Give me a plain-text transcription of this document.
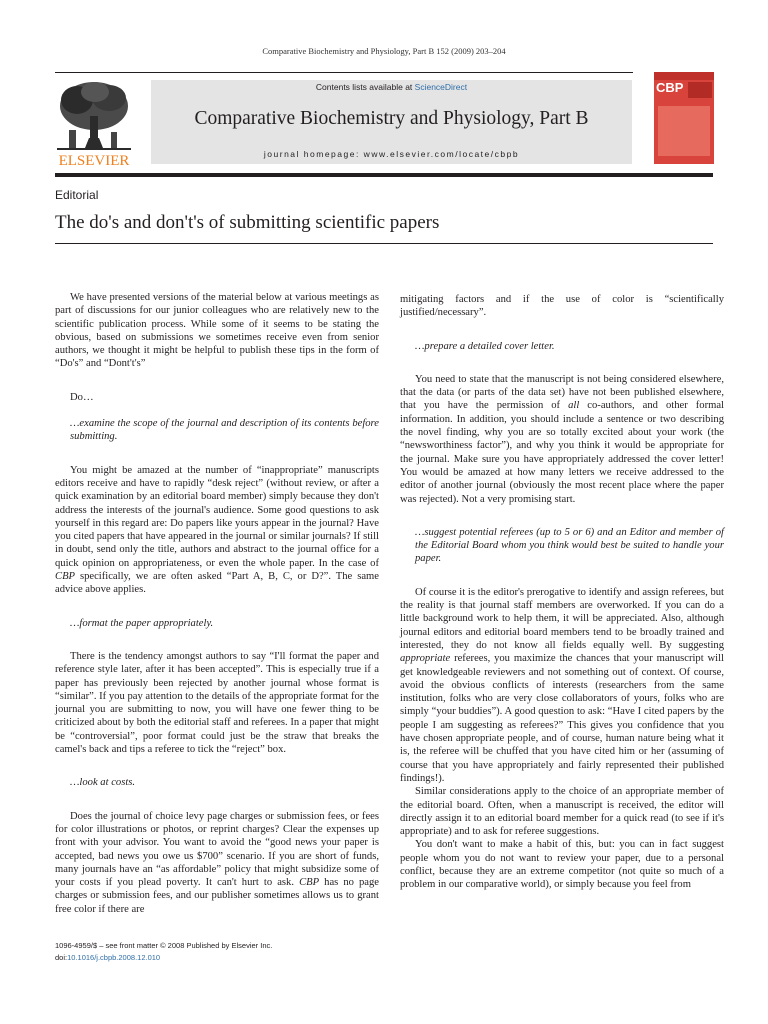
Comparative Biochemistry and Physiology, Part B 152 (2009) 203–204
ELSEVIER
Contents lists available at ScienceDirect
Comparative Biochemistry and Physiology, Part B
journal homepage: www.elsevier.com/locate/cbpb
CBP
Editorial
The do's and don't's of submitting scientific papers

We have presented versions of the material below at various meetings as part of discussions for our junior colleagues who are relatively new to the scientific publication process. While some of it seems to be stating the obvious, based on submissions we sometimes receive even from senior authors, we thought it might be helpful to publish these tips in the form of “Do's” and “Dont't's”

Do…

…examine the scope of the journal and description of its contents before submitting.

You might be amazed at the number of “inappropriate” manuscripts editors receive and have to rapidly “desk reject” (without review, or after a quick examination by an editorial board member) simply because they don't address the interests of the journal's audience. Some good questions to ask yourself in this regard are: Do papers like yours appear in the journal? Have you cited papers that have appeared in the journal or similar journals? If still in doubt, send only the title, authors and abstract to the journal office for a quick opinion on appropriateness, or even the whole paper. In the case of CBP specifically, we are often asked “Part A, B, C, or D?”. The same advice above applies.

…format the paper appropriately.

There is the tendency amongst authors to say “I'll format the paper and reference style later, after it has been accepted”. This is especially true if a paper has previously been rejected by another journal whose format is “similar”. If you pay attention to the details of the appropriate format for the journal you are submitting to now, you will have one fewer thing to be criticized about by both the editorial staff and referees. In a paper that might be “controversial”, poor format could just be the straw that breaks the camel's back and tips a referee to tick the “reject” box.

…look at costs.

Does the journal of choice levy page charges or submission fees, or fees for color illustrations or photos, or reprint charges? Clear the expenses up front with your advisor. You want to avoid the “good news your paper is accepted, bad news you owe us $700” scenario. If you are short of funds, many journals have an “as affordable” policy that might subsidize some of your costs if you plead poverty. It can't hurt to ask. CBP has no page charges or submission fees, and our publisher sometimes allows us to grant free color if there are

mitigating factors and if the use of color is “scientifically justified/necessary”.

…prepare a detailed cover letter.

You need to state that the manuscript is not being considered elsewhere, that the data (or parts of the data set) have not been published elsewhere, that you have the permission of all co-authors, and other formal information. In addition, you should include a sentence or two describing the novel finding, why you are so totally excited about your work (the “newsworthiness factor”), and why you think it would be appropriate for the journal. Make sure you have appropriately addressed the cover letter! You would be amazed at how many letters we receive addressed to the editor of another journal (obviously the most recent place where the paper was rejected). Not a very promising start.

…suggest potential referees (up to 5 or 6) and an Editor and member of the Editorial Board whom you think would best be suited to handle your paper.

Of course it is the editor's prerogative to identify and assign referees, but the reality is that journal staff members are overworked. If you can do a little background work to help them, it will be appreciated. Also, although journal editors and editorial board members tend to be broadly trained and interested, they do not know all fields equally well. By suggesting appropriate referees, you maximize the chances that your manuscript will get knowledgeable reviewers and not something out of context. Of course, avoid the obvious conflicts of interests (researchers from the same institution, folks who are very close collaborators of yours, folks who are simply “your buddies”). A good question to ask: “Have I cited papers by the people I am suggesting as referees?” This gives you confidence that you have chosen appropriate people, and of course, human nature being what it is, the referee will be chuffed that you have cited him or her (assuming of course that you have appropriately and fairly represented their published findings!).

Similar considerations apply to the choice of an appropriate member of the editorial board. Often, when a manuscript is received, the editor will directly assign it to an editorial board member for a quick read (to see if it's appropriate) and to ask for referee suggestions.

You don't want to make a habit of this, but: you can in fact suggest people whom you do not want to review your paper, due to a personal conflict, because they are an extreme competitor (not quite so much of a problem in our comparative world), or simply because you feel from

1096-4959/$ – see front matter © 2008 Published by Elsevier Inc.
doi:10.1016/j.cbpb.2008.12.010
